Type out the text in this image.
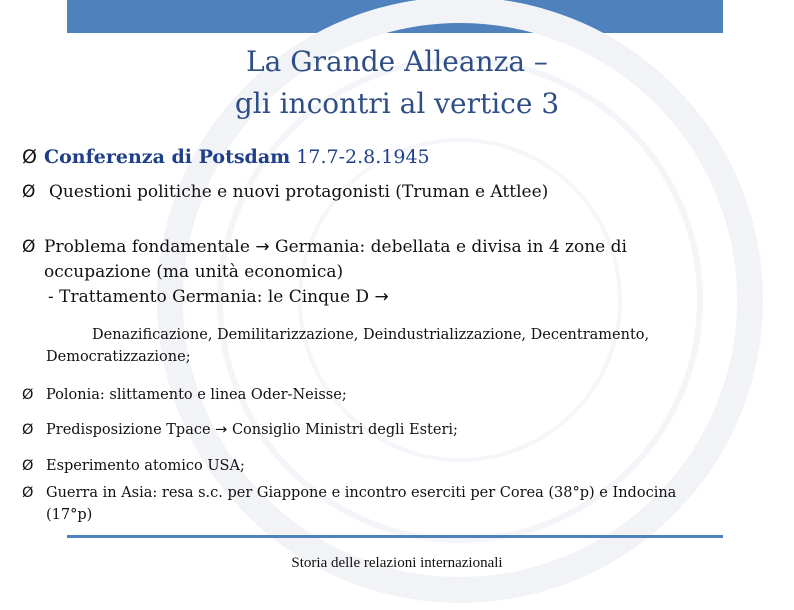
La Grande Alleanza –
gli incontri al vertice 3
Ø Conferenza di Potsdam 17.7-2.8.1945
Ø Questioni politiche e nuovi protagonisti (Truman e Attlee)
Ø Problema fondamentale → Germania: debellata e divisa in 4 zone di
occupazione (ma unità economica)
- Trattamento Germania: le Cinque D →
Denazificazione, Demilitarizzazione, Deindustrializzazione, Decentramento,
Democratizzazione;
Ø Polonia: slittamento e linea Oder-Neisse;
Ø Predisposizione Tpace → Consiglio Ministri degli Esteri;
Ø Esperimento atomico USA;
Ø Guerra in Asia: resa s.c. per Giappone e incontro eserciti per Corea (38°p) e Indocina
(17°p)
Storia delle relazioni internazionali
